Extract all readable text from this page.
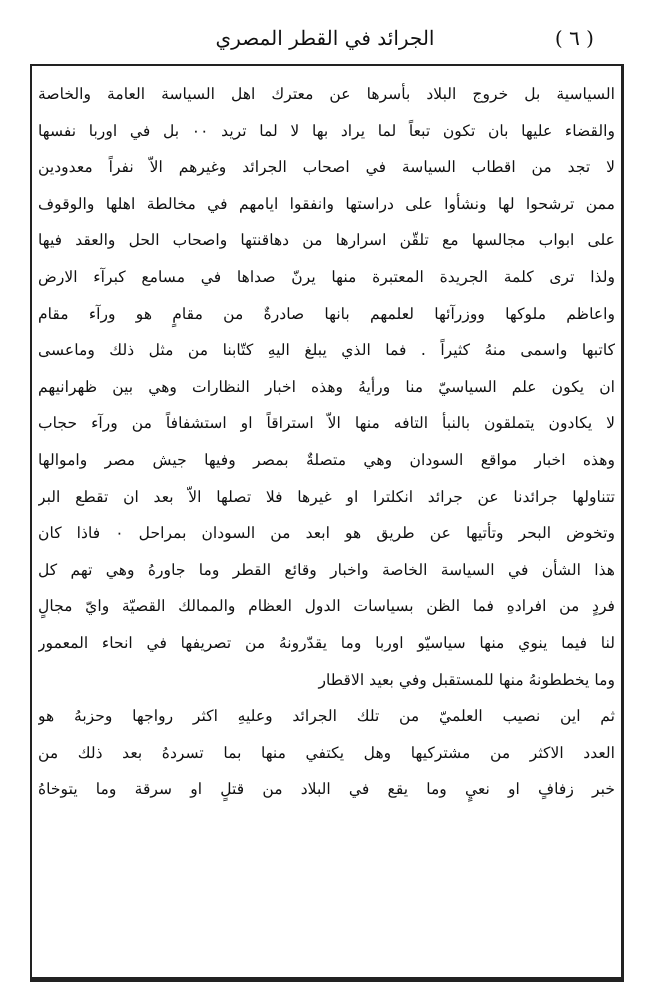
الجرائد في القطر المصري	( ٦ )
السياسية بل خروج البلاد بأسرها عن معترك اهل السياسة العامة والخاصة
والقضاء عليها بان تكون تبعاً لما يراد بها لا لما تريد ٠٠ بل في اوربا نفسها
لا تجد من اقطاب السياسة في اصحاب الجرائد وغيرهم الاّ نفراً معدودين
ممن ترشحوا لها ونشأوا على دراستها وانفقوا ايامهم في مخالطة اهلها والوقوف
على ابواب مجالسها مع تلقّن اسرارها من دهاقنتها واصحاب الحل والعقد فيها
ولذا ترى كلمة الجريدة المعتبرة منها يرنّ صداها في مسامع كبرآء الارض
واعاظم ملوكها ووزرآئها لعلمهم بانها صادرةٌ من مقامٍ هو ورآء مقام
كاتبها واسمى منهُ كثيراً . فما الذي يبلغ اليهِ كتّابنا من مثل ذلك وماعسى
ان يكون علم السياسيّ منا ورأيهُ وهذه اخبار النظارات وهي بين ظهرانيهم
لا يكادون يتملقون بالنبأ التافه منها الاّ استراقاً او استشفافاً من ورآء حجاب
وهذه اخبار مواقع السودان وهي متصلةٌ بمصر وفيها جيش مصر واموالها
تتناولها جرائدنا عن جرائد انكلترا او غيرها فلا تصلها الاّ بعد ان تقطع البر
وتخوض البحر وتأتيها عن طريق هو ابعد من السودان بمراحل ٠ فاذا كان
هذا الشأن في السياسة الخاصة واخبار وقائع القطر وما جاورهُ وهي تهم كل
فردٍ من افرادهِ فما الظن بسياسات الدول العظام والممالك القصيّة وايّ مجالٍ
لنا فيما ينوي منها سياسيّو اوربا وما يقدّرونهُ من تصريفها في انحاء المعمور
وما يخططونهُ منها للمستقبل وفي بعيد الاقطار
ثم اين نصيب العلميّ من تلك الجرائد وعليهِ اكثر رواجها وحزبهُ هو
العدد الاكثر من مشتركيها وهل يكتفي منها بما تسردهُ بعد ذلك من
خبر زفافٍ او نعيٍ وما يقع في البلاد من قتلٍ او سرقة وما يتوخاهُ
